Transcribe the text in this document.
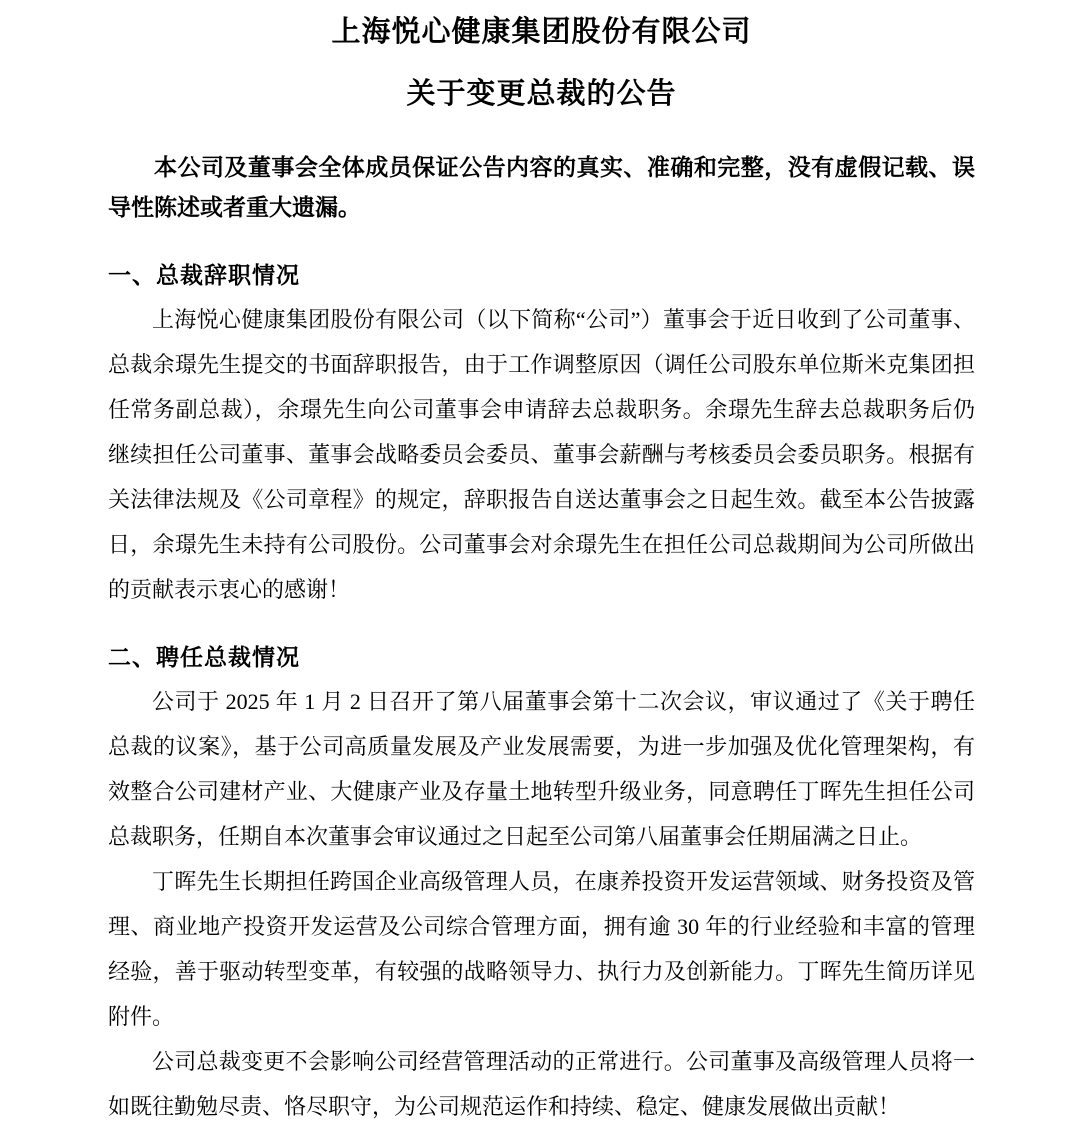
上海悦心健康集团股份有限公司
关于变更总裁的公告

本公司及董事会全体成员保证公告内容的真实、准确和完整，没有虚假记载、误导性陈述或者重大遗漏。

一、总裁辞职情况

上海悦心健康集团股份有限公司（以下简称“公司”）董事会于近日收到了公司董事、总裁余璟先生提交的书面辞职报告，由于工作调整原因（调任公司股东单位斯米克集团担任常务副总裁），余璟先生向公司董事会申请辞去总裁职务。余璟先生辞去总裁职务后仍继续担任公司董事、董事会战略委员会委员、董事会薪酬与考核委员会委员职务。根据有关法律法规及《公司章程》的规定，辞职报告自送达董事会之日起生效。截至本公告披露日，余璟先生未持有公司股份。公司董事会对余璟先生在担任公司总裁期间为公司所做出的贡献表示衷心的感谢！

二、聘任总裁情况

公司于 2025 年 1 月 2 日召开了第八届董事会第十二次会议，审议通过了《关于聘任总裁的议案》，基于公司高质量发展及产业发展需要，为进一步加强及优化管理架构，有效整合公司建材产业、大健康产业及存量土地转型升级业务，同意聘任丁晖先生担任公司总裁职务，任期自本次董事会审议通过之日起至公司第八届董事会任期届满之日止。

丁晖先生长期担任跨国企业高级管理人员，在康养投资开发运营领域、财务投资及管理、商业地产投资开发运营及公司综合管理方面，拥有逾 30 年的行业经验和丰富的管理经验，善于驱动转型变革，有较强的战略领导力、执行力及创新能力。丁晖先生简历详见附件。

公司总裁变更不会影响公司经营管理活动的正常进行。公司董事及高级管理人员将一如既往勤勉尽责、恪尽职守，为公司规范运作和持续、稳定、健康发展做出贡献！
